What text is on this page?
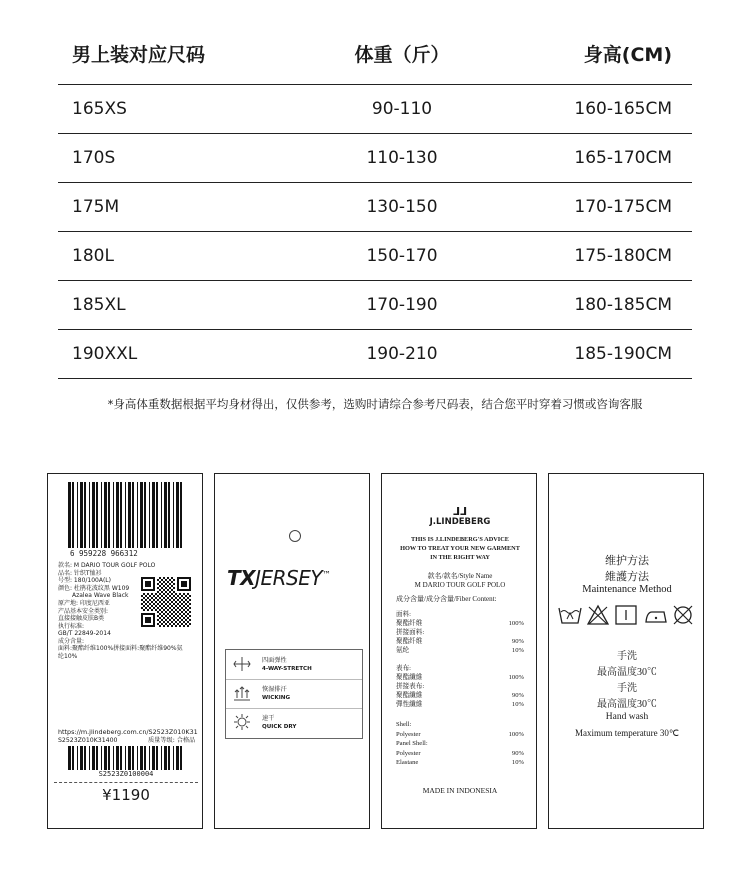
男上装对应尺码	体重（斤）	身高(CM)
165XS	90-110	160-165CM
170S	110-130	165-170CM
175M	130-150	170-175CM
180L	150-170	175-180CM
185XL	170-190	180-185CM
190XXL	190-210	185-190CM
*身高体重数据根据平均身材得出，仅供参考，选购时请综合参考尺码表，结合您平时穿着习惯或咨询客服
6 959228 966312
款名: M DARIO TOUR GOLF POLO
品名: 针织T恤衫
号型: 180/100A(L)
颜色: 杜鹃花波纹黑 W109
Azalea Wave Black
原产地: 印度尼西亚
产品基本安全类别:
直接接触皮肤B类
执行标准:
GB/T 22849-2014
成分含量:
面料:聚酯纤维100%拼接面料:聚酯纤维90%氨
纶10%
https://m.jlindeberg.com.cn/S2523Z010K31
S2523Z010K31400	质量等级: 合格品
S2523Z0100004
¥1190
TXJERSEY™
四面弹性
4-WAY-STRETCH
恢湿排汗
WICKING
速干
QUICK DRY
⅃⅃
J.LINDEBERG
THIS IS J.LINDEBERG'S ADVICE
HOW TO TREAT YOUR NEW GARMENT
IN THE RIGHT WAY
款名/款名/Style Name
M DARIO TOUR GOLF POLO
成分含量/成分含量/Fiber Content:
面料:
聚酯纤维	100%
拼接面料:
聚酯纤维	90%
氨纶	10%
表布:
聚酯纖維	100%
拼接表布:
聚酯纖維	90%
彈性纖維	10%
Shell:
Polyester	100%
Panel Shell:
Polyester	90%
Elastane	10%
MADE IN INDONESIA
维护方法
維護方法
Maintenance Method
手洗
最高温度30℃
手洗
最高溫度30℃
Hand wash
Maximum temperature 30℃
